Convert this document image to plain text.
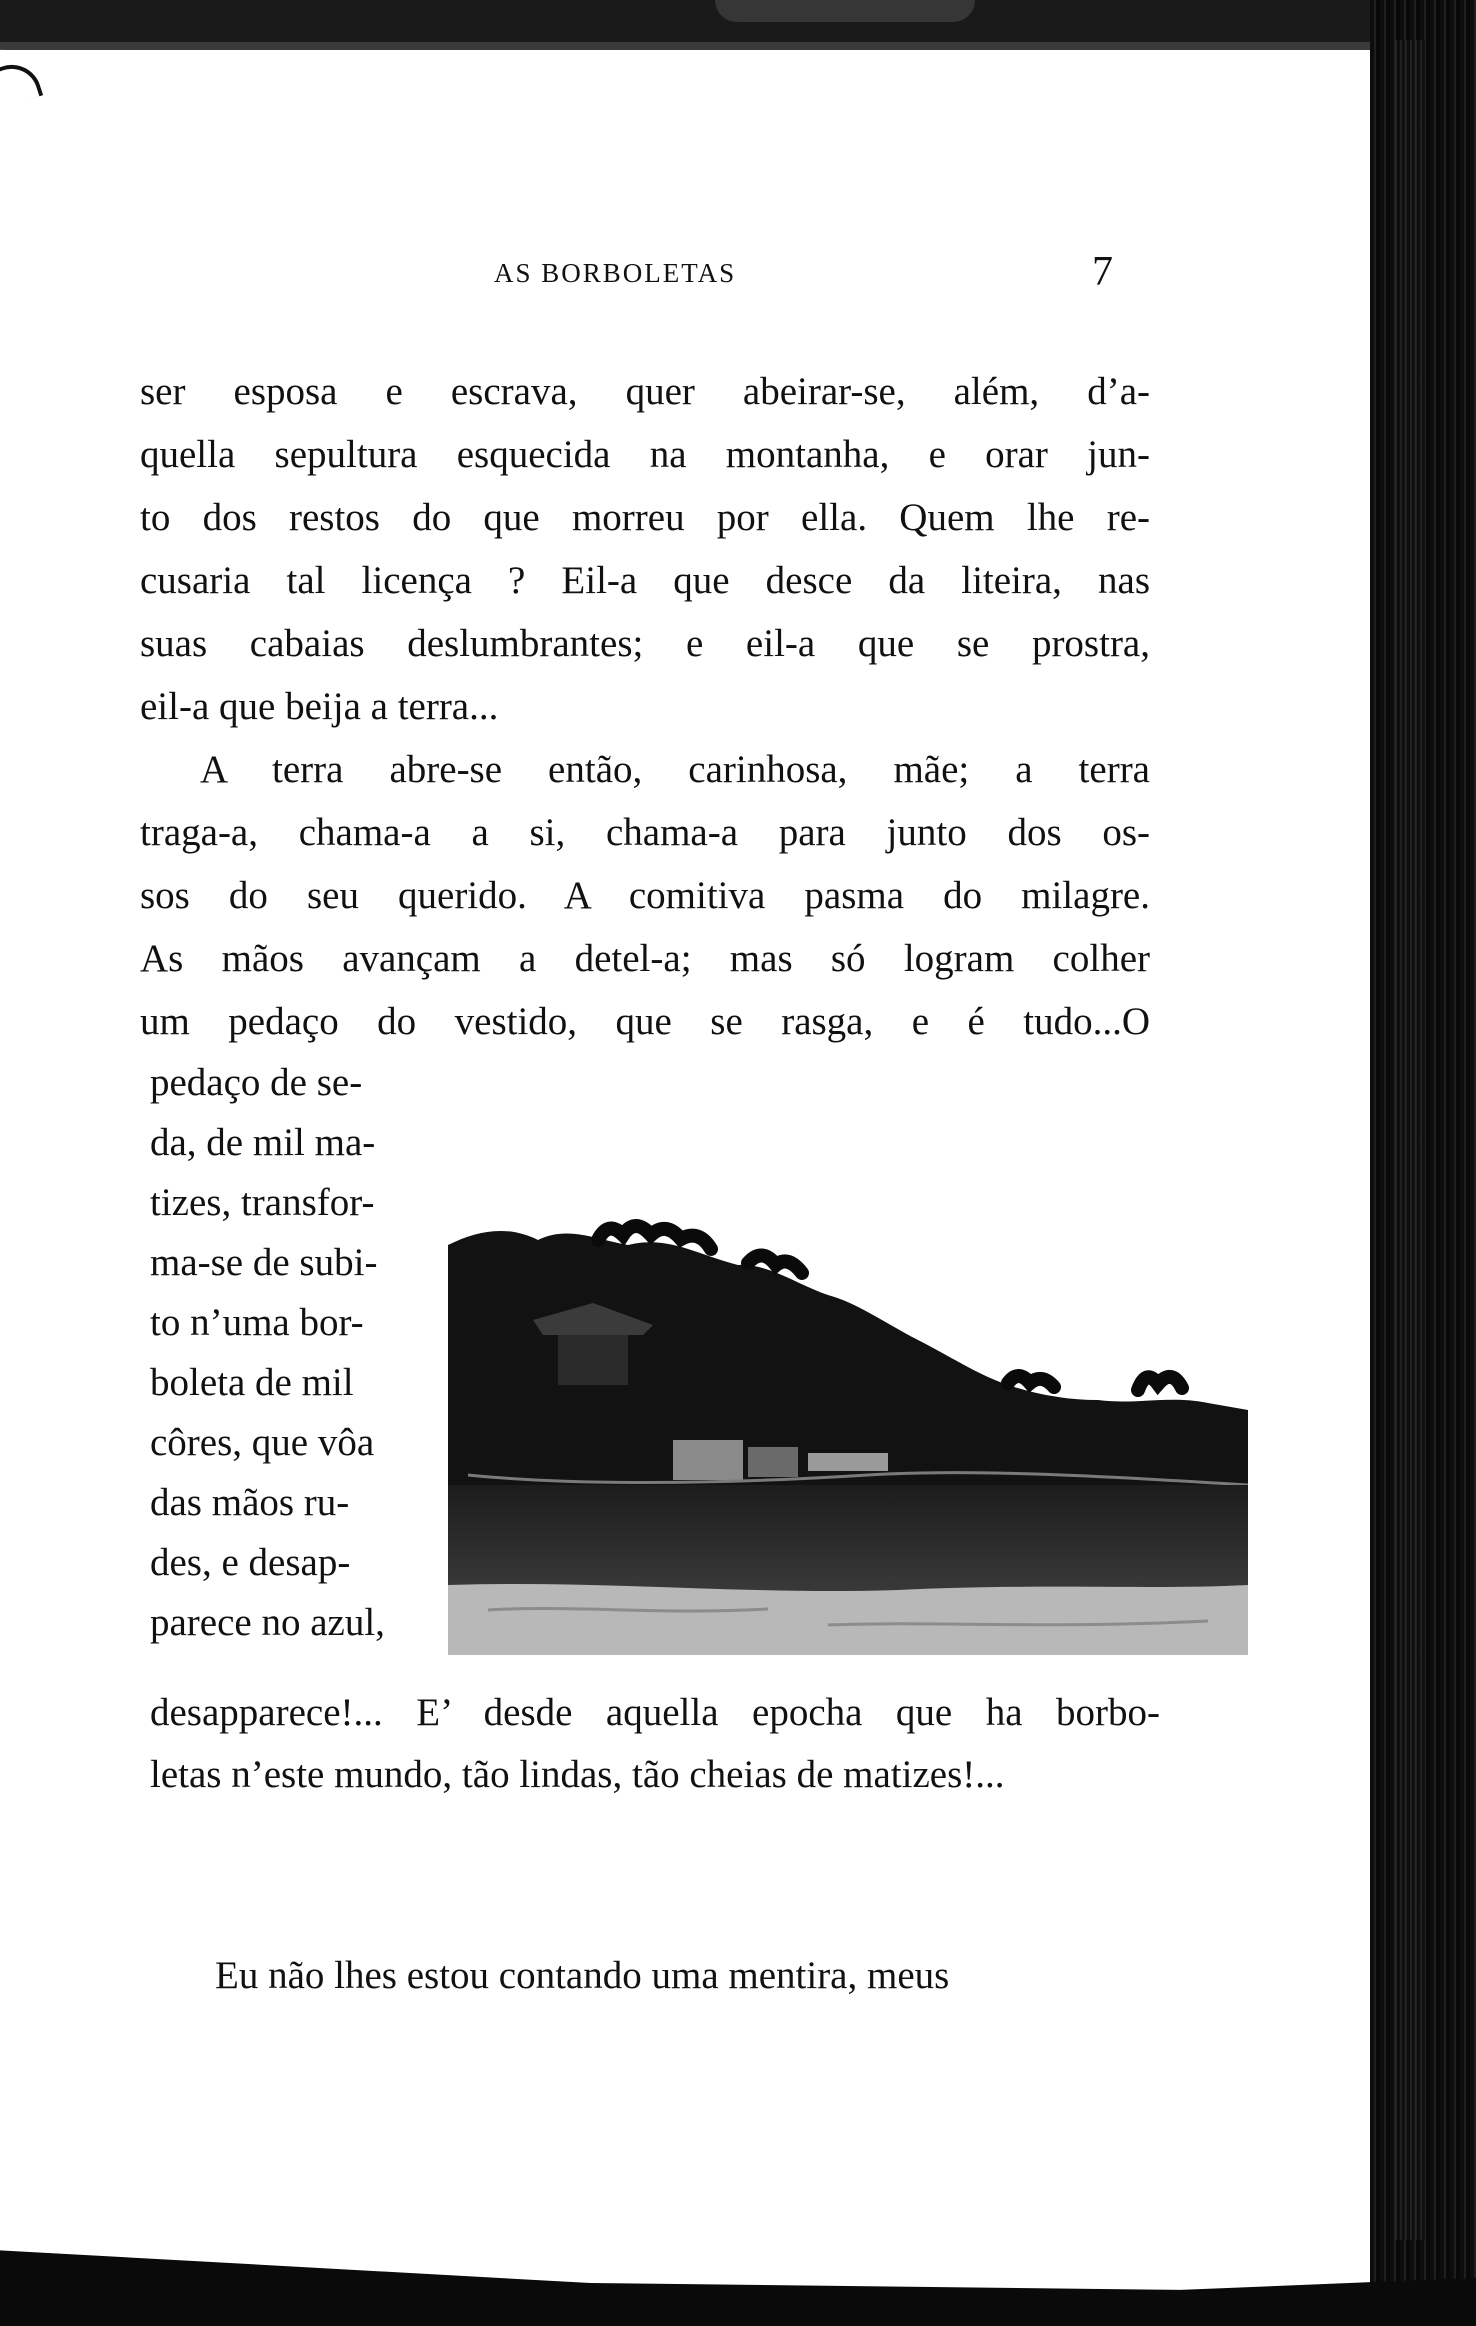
AS BORBOLETAS	7
ser esposa e escrava, quer abeirar-se, além, d’a-
quella sepultura esquecida na montanha, e orar jun-
to dos restos do que morreu por ella. Quem lhe re-
cusaria tal licença ? Eil-a que desce da liteira, nas
suas cabaias deslumbrantes; e eil-a que se prostra,
eil-a que beija a terra...
A terra abre-se então, carinhosa, mãe; a terra
traga-a, chama-a a si, chama-a para junto dos os-
sos do seu querido. A comitiva pasma do milagre.
As mãos avançam a detel-a; mas só logram colher
um pedaço do vestido, que se rasga, e é tudo...O
pedaço de se-
da, de mil ma-
tizes, transfor-
ma-se de subi-
to n’uma bor-
boleta de mil
côres, que vôa
das mãos ru-
des, e desap-
parece no azul,
desapparece!... E’ desde aquella epocha que ha borbo-
letas n’este mundo, tão lindas, tão cheias de matizes!...
Eu não lhes estou contando uma mentira, meus
